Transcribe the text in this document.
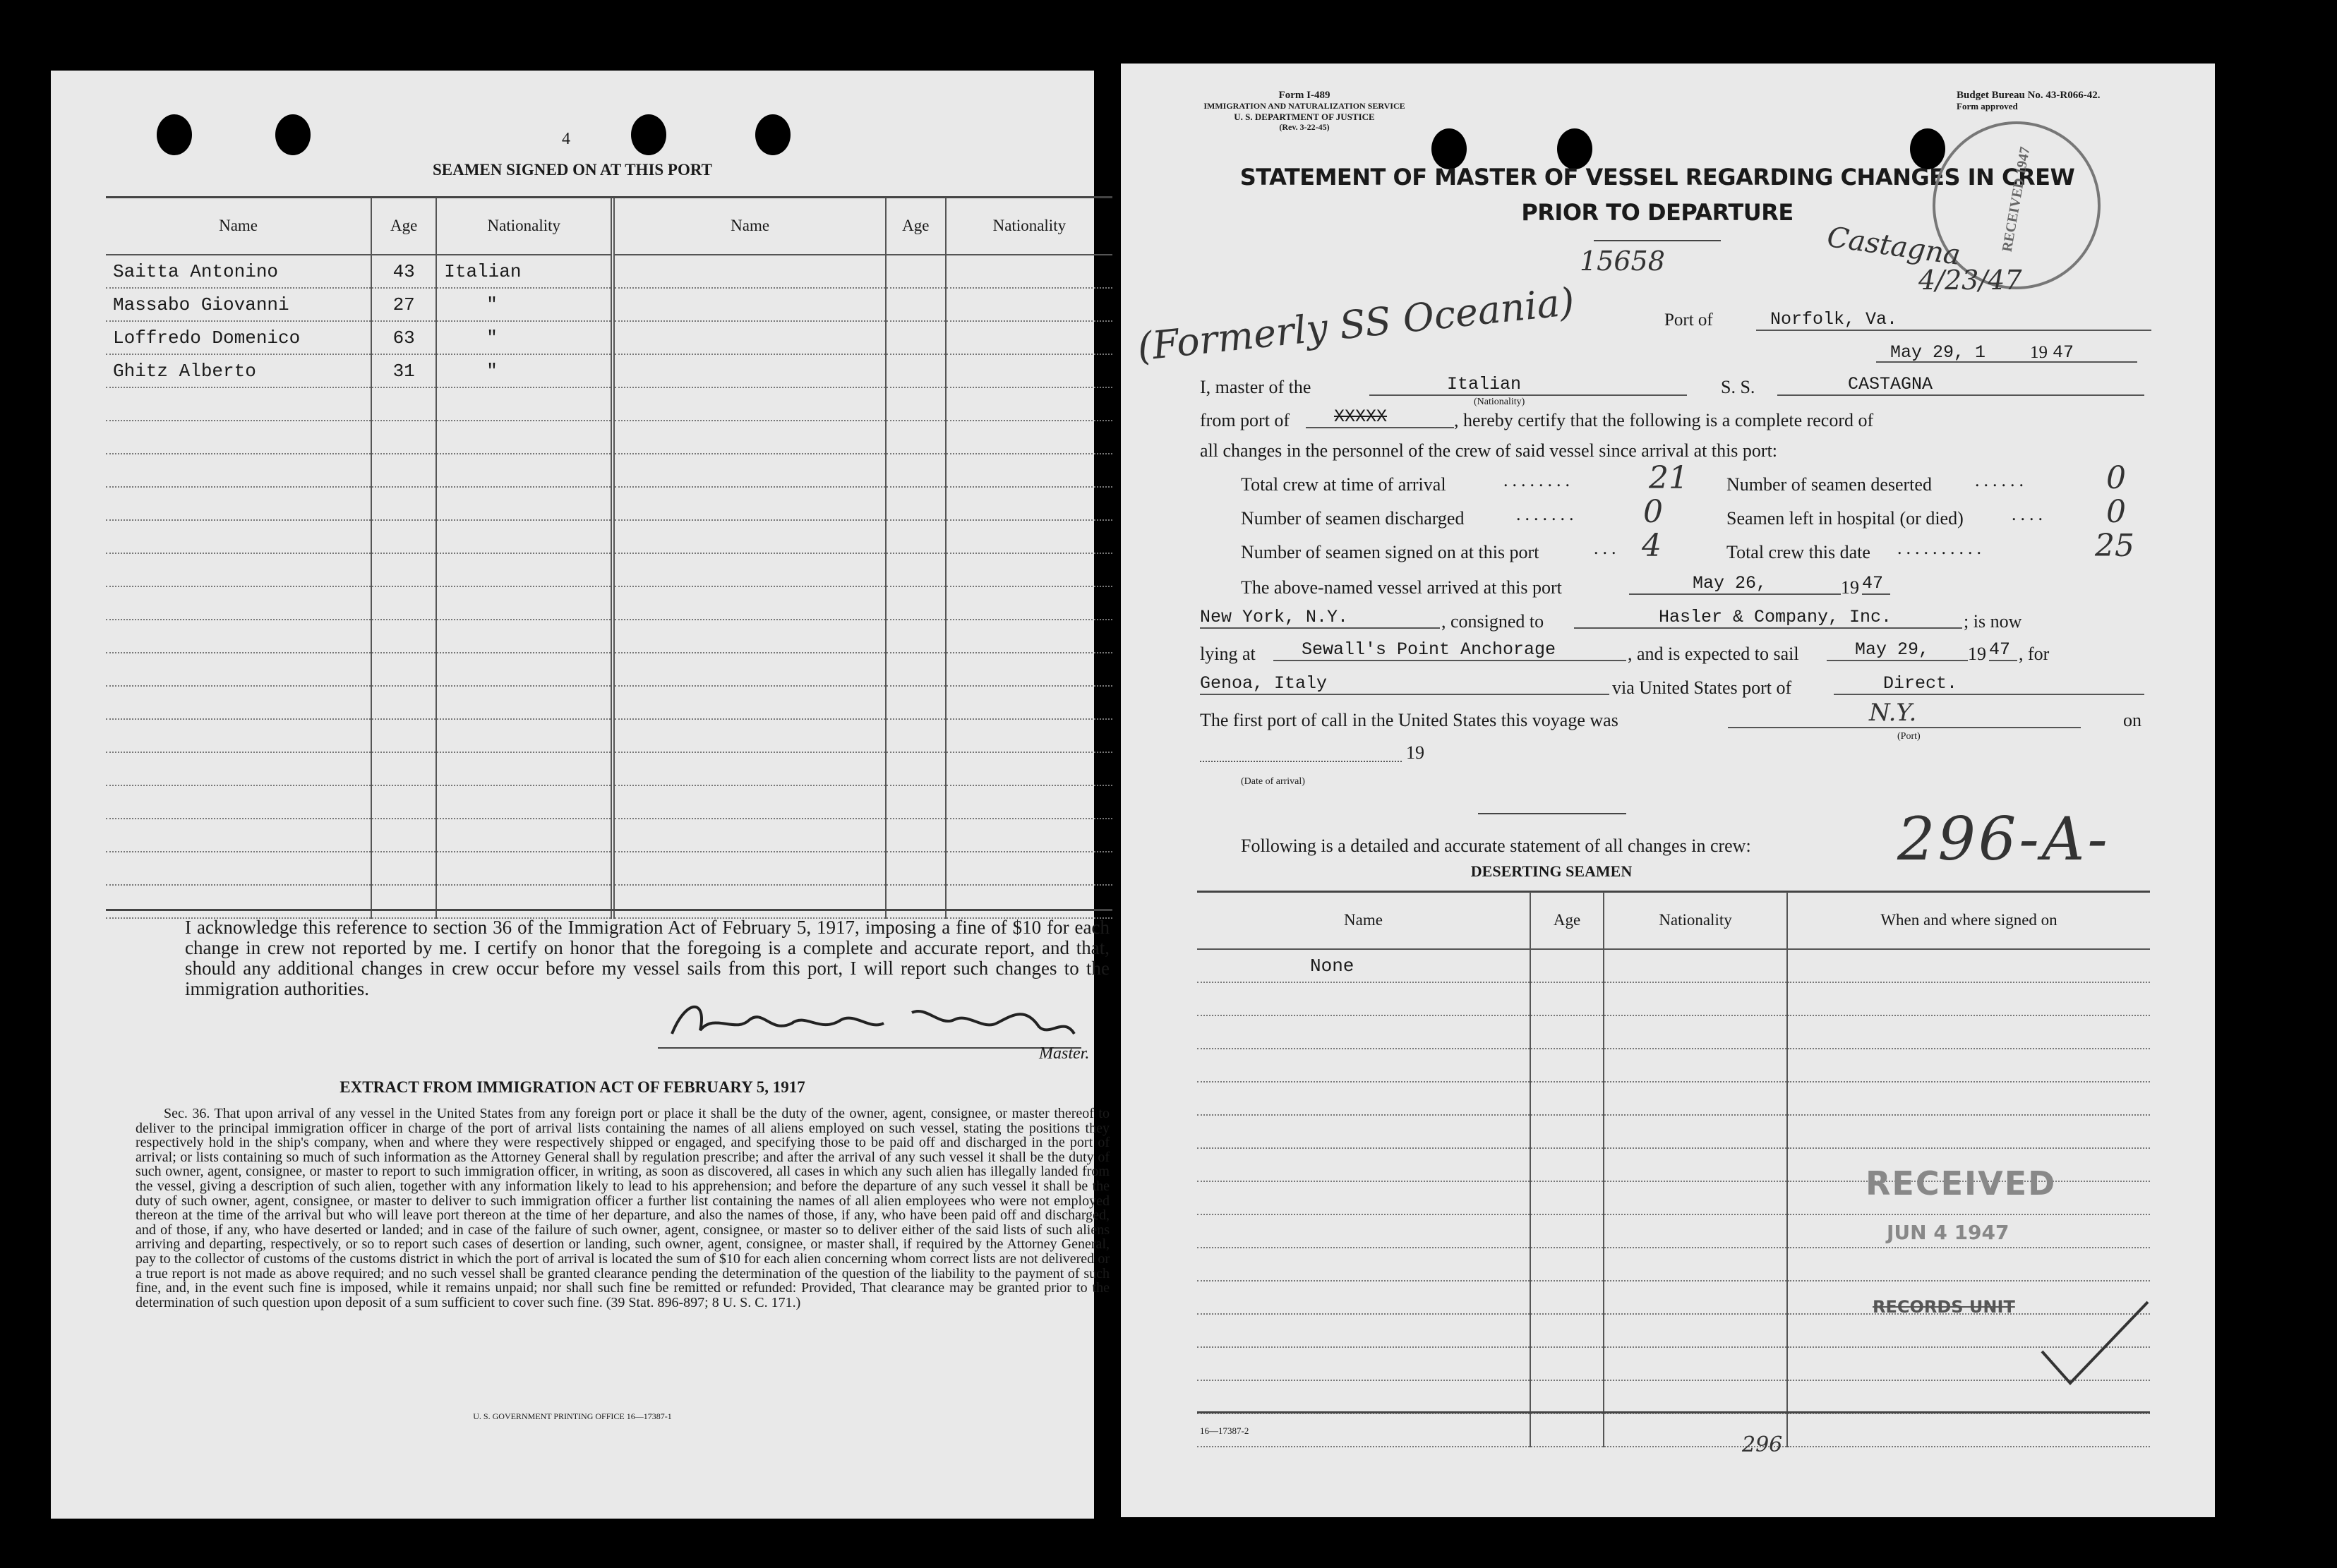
4
SEAMEN SIGNED ON AT THIS PORT
Name	Age	Nationality	Name	Age	Nationality
Saitta Antonino	43	Italian			
Massabo Giovanni	27	"			
Loffredo Domenico	63	"			
Ghitz Alberto	31	"			

I acknowledge this reference to section 36 of the Immigration Act of February 5, 1917, imposing a fine of $10 for each change in crew not reported by me. I certify on honor that the foregoing is a complete and accurate report, and that, should any additional changes in crew occur before my vessel sails from this port, I will report such changes to the immigration authorities.
Master.
EXTRACT FROM IMMIGRATION ACT OF FEBRUARY 5, 1917

Sec. 36. That upon arrival of any vessel in the United States from any foreign port or place it shall be the duty of the owner, agent, consignee, or master thereof to deliver to the principal immigration officer in charge of the port of arrival lists containing the names of all aliens employed on such vessel, stating the positions they respectively hold in the ship's company, when and where they were respectively shipped or engaged, and specifying those to be paid off and discharged in the port of arrival; or lists containing so much of such information as the Attorney General shall by regulation prescribe; and after the arrival of any such vessel it shall be the duty of such owner, agent, consignee, or master to report to such immigration officer, in writing, as soon as discovered, all cases in which any such alien has illegally landed from the vessel, giving a description of such alien, together with any information likely to lead to his apprehension; and before the departure of any such vessel it shall be the duty of such owner, agent, consignee, or master to deliver to such immigration officer a further list containing the names of all alien employees who were not employed thereon at the time of the arrival but who will leave port thereon at the time of her departure, and also the names of those, if any, who have been paid off and discharged, and of those, if any, who have deserted or landed; and in case of the failure of such owner, agent, consignee, or master so to deliver either of the said lists of such aliens arriving and departing, respectively, or so to report such cases of desertion or landing, such owner, agent, consignee, or master shall, if required by the Attorney General, pay to the collector of customs of the customs district in which the port of arrival is located the sum of $10 for each alien concerning whom correct lists are not delivered or a true report is not made as above required; and no such vessel shall be granted clearance pending the determination of the question of the liability to the payment of such fine, and, in the event such fine is imposed, while it remains unpaid; nor shall such fine be remitted or refunded: Provided, That clearance may be granted prior to the determination of such question upon deposit of a sum sufficient to cover such fine. (39 Stat. 896-897; 8 U. S. C. 171.)

U. S. GOVERNMENT PRINTING OFFICE 16—17387-1
Form I-489
IMMIGRATION AND NATURALIZATION SERVICE
U. S. DEPARTMENT OF JUSTICE
(Rev. 3-22-45)
Budget Bureau No. 43-R066-42.
Form approved
STATEMENT OF MASTER OF VESSEL REGARDING CHANGES IN CREW
PRIOR TO DEPARTURE	RECEIVED 1947
15658	Castagna
4/23/47
(Formerly SS Oceania)	Port of	Norfolk, Va.
May 29, 1	19 47
I, master of the	Italian
(Nationality)
S. S.	CASTAGNA
from port of	XXXXX	, hereby certify that the following is a complete record of
all changes in the personnel of the crew of said vessel since arrival at this port:
Total crew at time of arrival	........ 21 Number of seamen deserted ......	0
Number of seamen discharged	....... 0	Seamen left in hospital (or died)	.... 0
Number of seamen signed on at this port	... 4	Total crew this date ..........	25
The above-named vessel arrived at this port	May 26,	19 47
New York, N.Y.	, consigned to	Hasler & Company, Inc.	; is now
lying at	Sewall's Point Anchorage	, and is expected to sail	May 29,	19 47 , for
Genoa, Italy	via United States port of	Direct.
The first port of call in the United States this voyage was	N.Y.
(Port)
on
19
(Date of arrival)
Following is a detailed and accurate statement of all changes in crew: 296-A-
DESERTING SEAMEN
Name	Age	Nationality	When and where signed on
None			

RECEIVED
JUN 4 1947
RECORDS UNIT
16—17387-2
296
